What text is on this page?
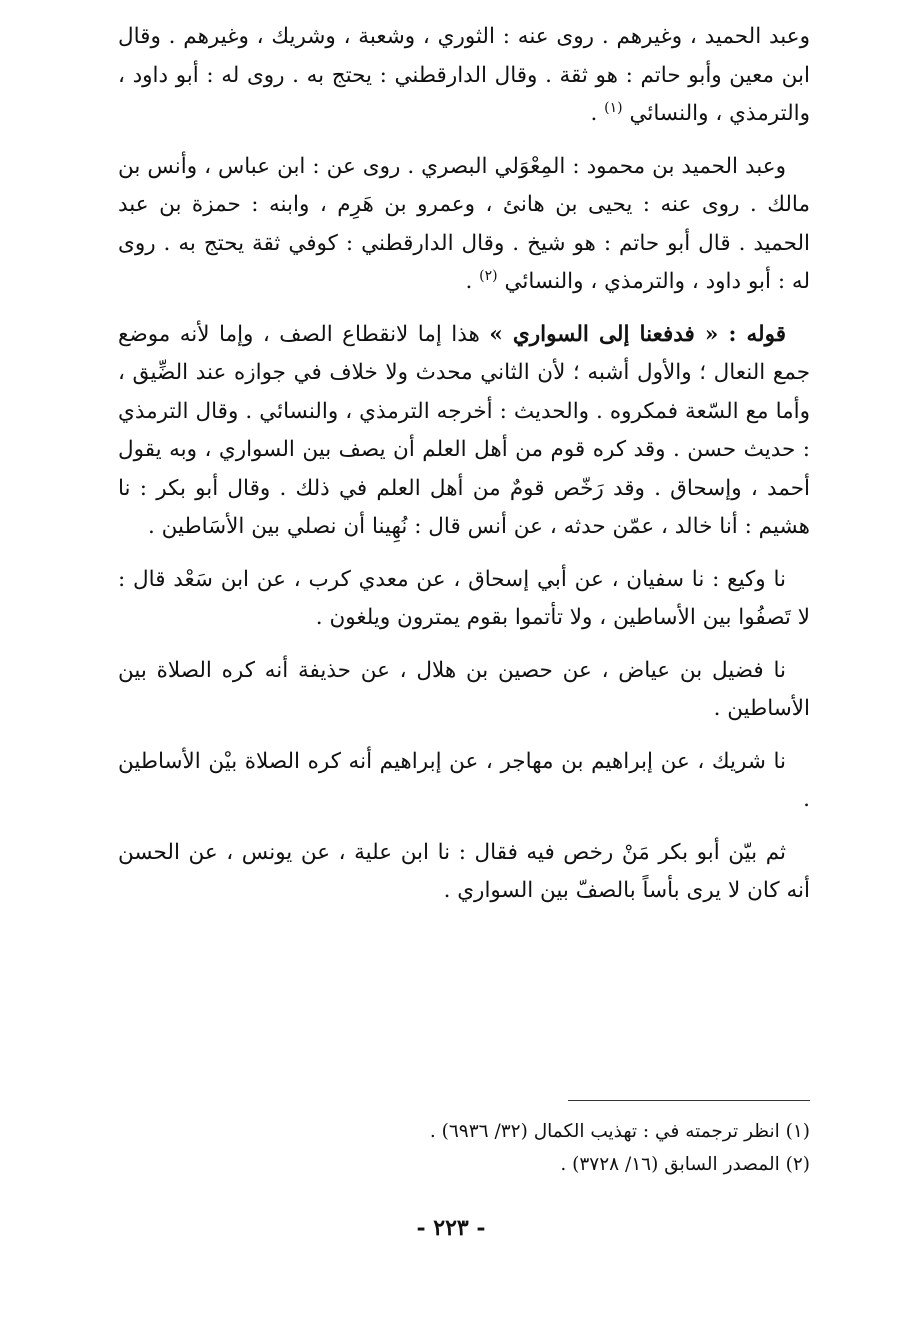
وعبد الحميد ، وغيرهم . روى عنه : الثوري ، وشعبة ، وشريك ، وغيرهم . وقال ابن معين وأبو حاتم : هو ثقة . وقال الدارقطني : يحتج به . روى له : أبو داود ، والترمذي ، والنسائي $^{(١)}$ .

وعبد الحميد بن محمود : المِعْوَلي البصري . روى عن : ابن عباس ، وأنس بن مالك . روى عنه : يحيى بن هانئ ، وعمرو بن هَرِم ، وابنه : حمزة بن عبد الحميد . قال أبو حاتم : هو شيخ . وقال الدارقطني : كوفي ثقة يحتج به . روى له : أبو داود ، والترمذي ، والنسائي $^{(٢)}$ .

قوله : « فدفعنا إلى السواري » هذا إما لانقطاع الصف ، وإما لأنه موضع جمع النعال ؛ والأول أشبه ؛ لأن الثاني محدث ولا خلاف في جوازه عند الضِّيق ، وأما مع السّعة فمكروه . والحديث : أخرجه الترمذي ، والنسائي . وقال الترمذي : حديث حسن . وقد كره قوم من أهل العلم أن يصف بين السواري ، وبه يقول أحمد ، وإسحاق . وقد رَخّص قومٌ من أهل العلم في ذلك . وقال أبو بكر : نا هشيم : أنا خالد ، عمّن حدثه ، عن أنس قال : نُهِينا أن نصلي بين الأسَاطين .

نا وكيع : نا سفيان ، عن أبي إسحاق ، عن معدي كرب ، عن ابن سَعْد قال : لا تَصفُوا بين الأساطين ، ولا تأتموا بقوم يمترون ويلغون .

نا فضيل بن عياض ، عن حصين بن هلال ، عن حذيفة أنه كره الصلاة بين الأساطين .

نا شريك ، عن إبراهيم بن مهاجر ، عن إبراهيم أنه كره الصلاة بيْن الأساطين .

ثم بيّن أبو بكر مَنْ رخص فيه فقال : نا ابن علية ، عن يونس ، عن الحسن أنه كان لا يرى بأساً بالصفّ بين السواري .

(١) انظر ترجمته في : تهذيب الكمال (٣٢/ ٦٩٣٦) .

(٢) المصدر السابق (١٦/ ٣٧٢٨) .

- ٢٢٣ -
